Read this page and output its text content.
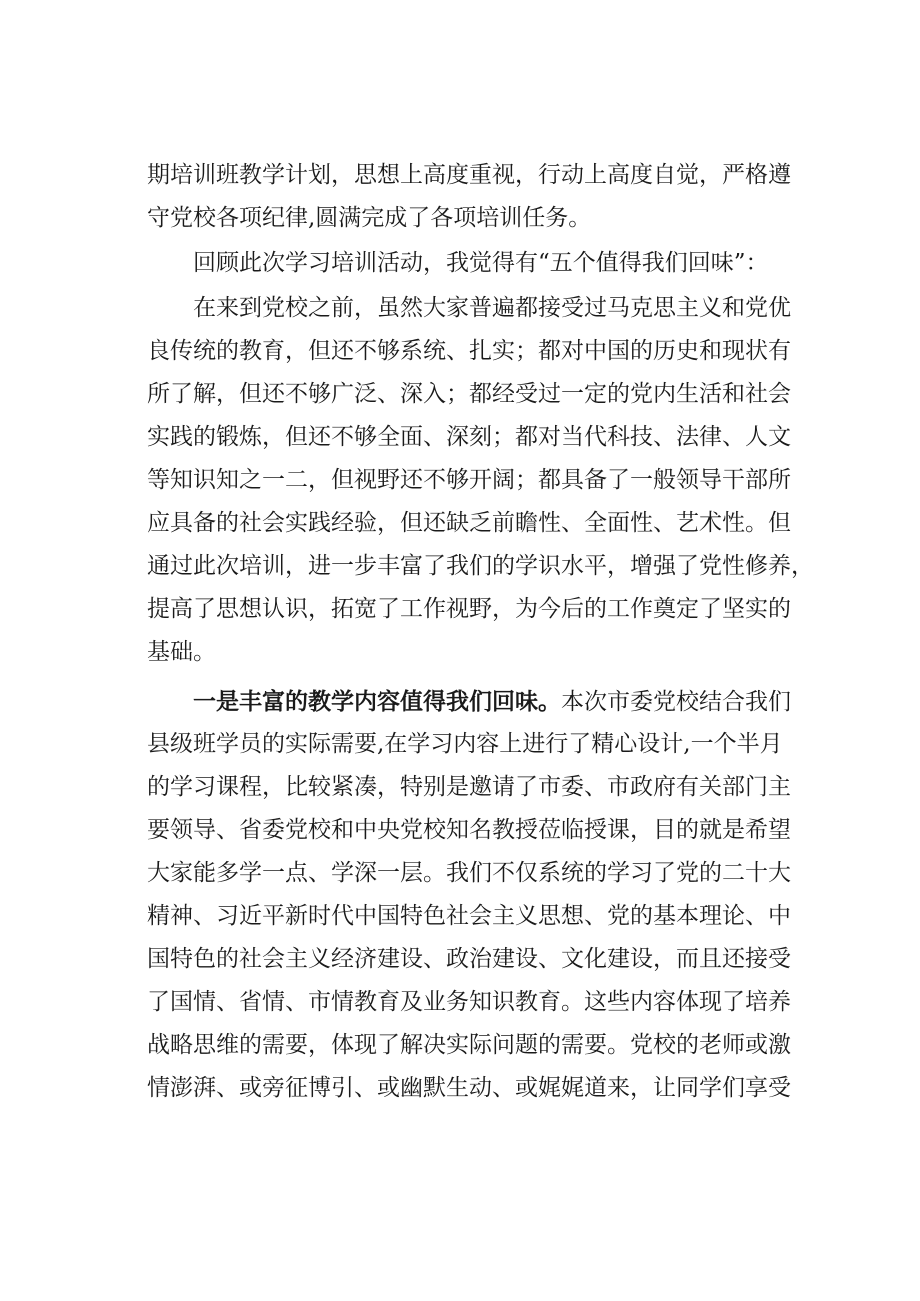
期培训班教学计划，思想上高度重视，行动上高度自觉，严格遵
守党校各项纪律,圆满完成了各项培训任务。
　　回顾此次学习培训活动，我觉得有“五个值得我们回味”：
　　在来到党校之前，虽然大家普遍都接受过马克思主义和党优
良传统的教育，但还不够系统、扎实；都对中国的历史和现状有
所了解，但还不够广泛、深入；都经受过一定的党内生活和社会
实践的锻炼，但还不够全面、深刻；都对当代科技、法律、人文
等知识知之一二，但视野还不够开阔；都具备了一般领导干部所
应具备的社会实践经验，但还缺乏前瞻性、全面性、艺术性。但
通过此次培训，进一步丰富了我们的学识水平，增强了党性修养，
提高了思想认识，拓宽了工作视野，为今后的工作奠定了坚实的
基础。
　　一是丰富的教学内容值得我们回味。本次市委党校结合我们
县级班学员的实际需要,在学习内容上进行了精心设计,一个半月
的学习课程，比较紧凑，特别是邀请了市委、市政府有关部门主
要领导、省委党校和中央党校知名教授莅临授课，目的就是希望
大家能多学一点、学深一层。我们不仅系统的学习了党的二十大
精神、习近平新时代中国特色社会主义思想、党的基本理论、中
国特色的社会主义经济建设、政治建设、文化建设，而且还接受
了国情、省情、市情教育及业务知识教育。这些内容体现了培养
战略思维的需要，体现了解决实际问题的需要。党校的老师或激
情澎湃、或旁征博引、或幽默生动、或娓娓道来，让同学们享受
